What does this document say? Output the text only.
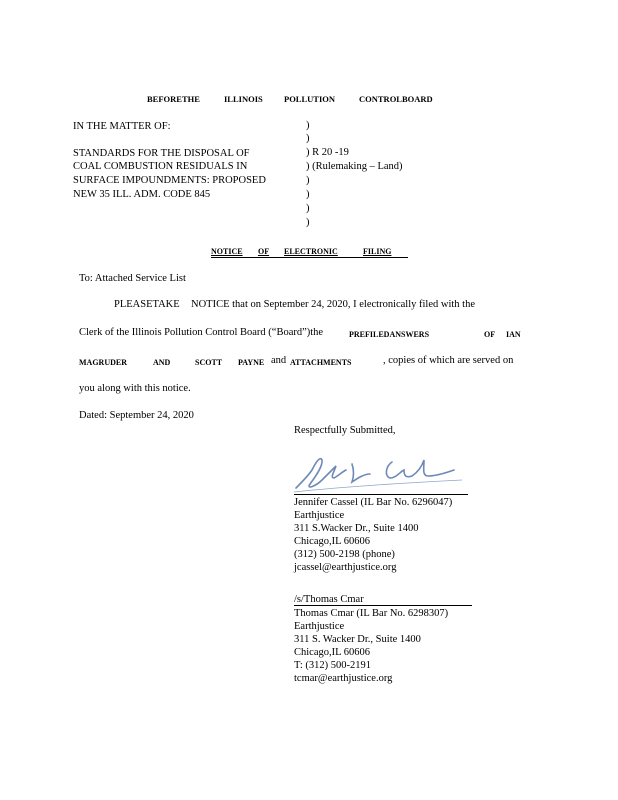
BEFORETHE	ILLINOIS	POLLUTION	CONTROLBOARD
IN THE MATTER OF:
STANDARDS FOR THE DISPOSAL OF
COAL COMBUSTION RESIDUALS IN
SURFACE IMPOUNDMENTS: PROPOSED
NEW 35 ILL. ADM. CODE 845
)
)
) R 20 -19
) (Rulemaking – Land)
)
)
)
)
NOTICE OF ELECTRONIC	FILING
To: Attached Service List
PLEASETAKE NOTICE that on September 24, 2020, I electronically filed with the
Clerk of the Illinois Pollution Control Board (“Board”)the	PREFILEDANSWERS	OF IAN
MAGRUDER	AND	SCOTT PAYNE and ATTACHMENTS	, copies of which are served on
you along with this notice.
Dated: September 24, 2020
Respectfully Submitted,
Jennifer Cassel (IL Bar No. 6296047)
Earthjustice
311 S.Wacker Dr., Suite 1400
Chicago,IL 60606
(312) 500-2198 (phone)
jcassel@earthjustice.org
/s/Thomas Cmar
Thomas Cmar (IL Bar No. 6298307)
Earthjustice
311 S. Wacker Dr., Suite 1400
Chicago,IL 60606
T: (312) 500-2191
tcmar@earthjustice.org
